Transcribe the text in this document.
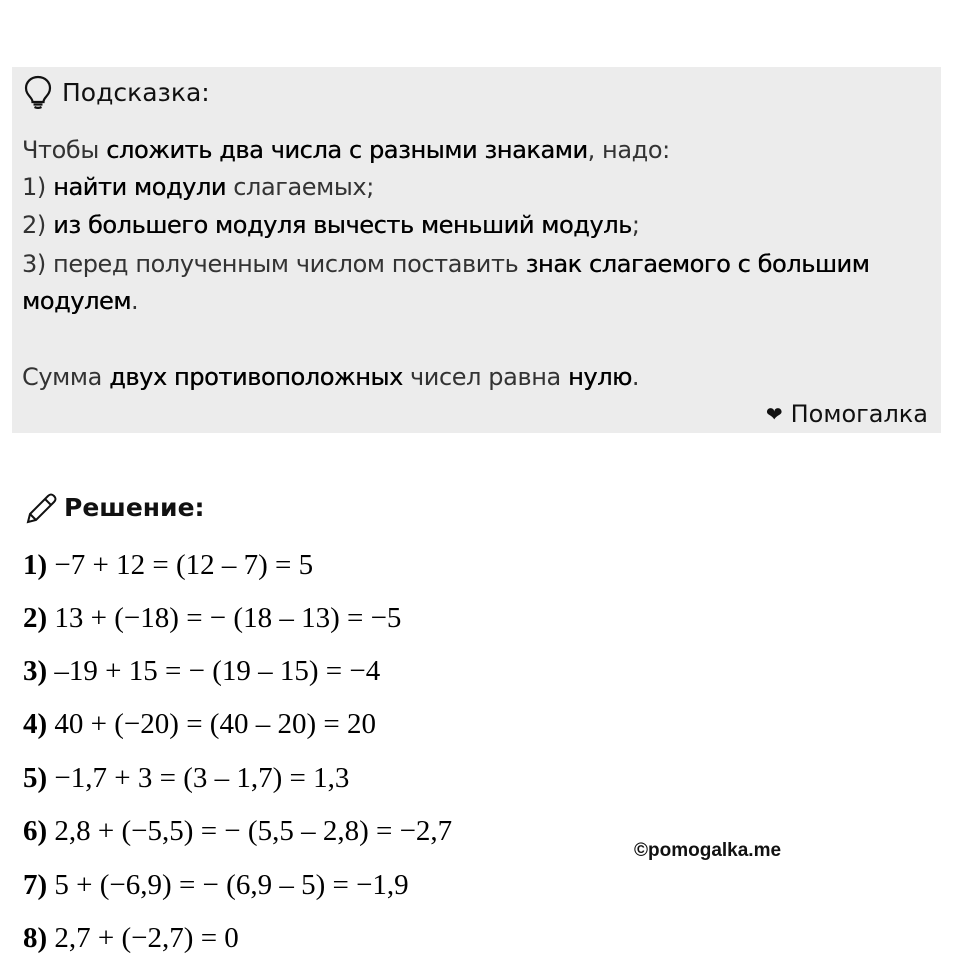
Подсказка:
Чтобы сложить два числа с разными знаками, надо:
1) найти модули слагаемых;
2) из большего модуля вычесть меньший модуль;
3) перед полученным числом поставить знак слагаемого с большим
модулем.
Сумма двух противоположных чисел равна нулю.
❤ Помогалка
Решение:
1) −7 + 12 = (12 – 7) = 5
2) 13 + (−18) = − (18 – 13) = −5
3) –19 + 15 = − (19 – 15) = −4
4) 40 + (−20) = (40 – 20) = 20
5) −1,7 + 3 = (3 – 1,7) = 1,3
6) 2,8 + (−5,5) = − (5,5 – 2,8) = −2,7
7) 5 + (−6,9) = − (6,9 – 5) = −1,9
8) 2,7 + (−2,7) = 0
©pomogalka.me
